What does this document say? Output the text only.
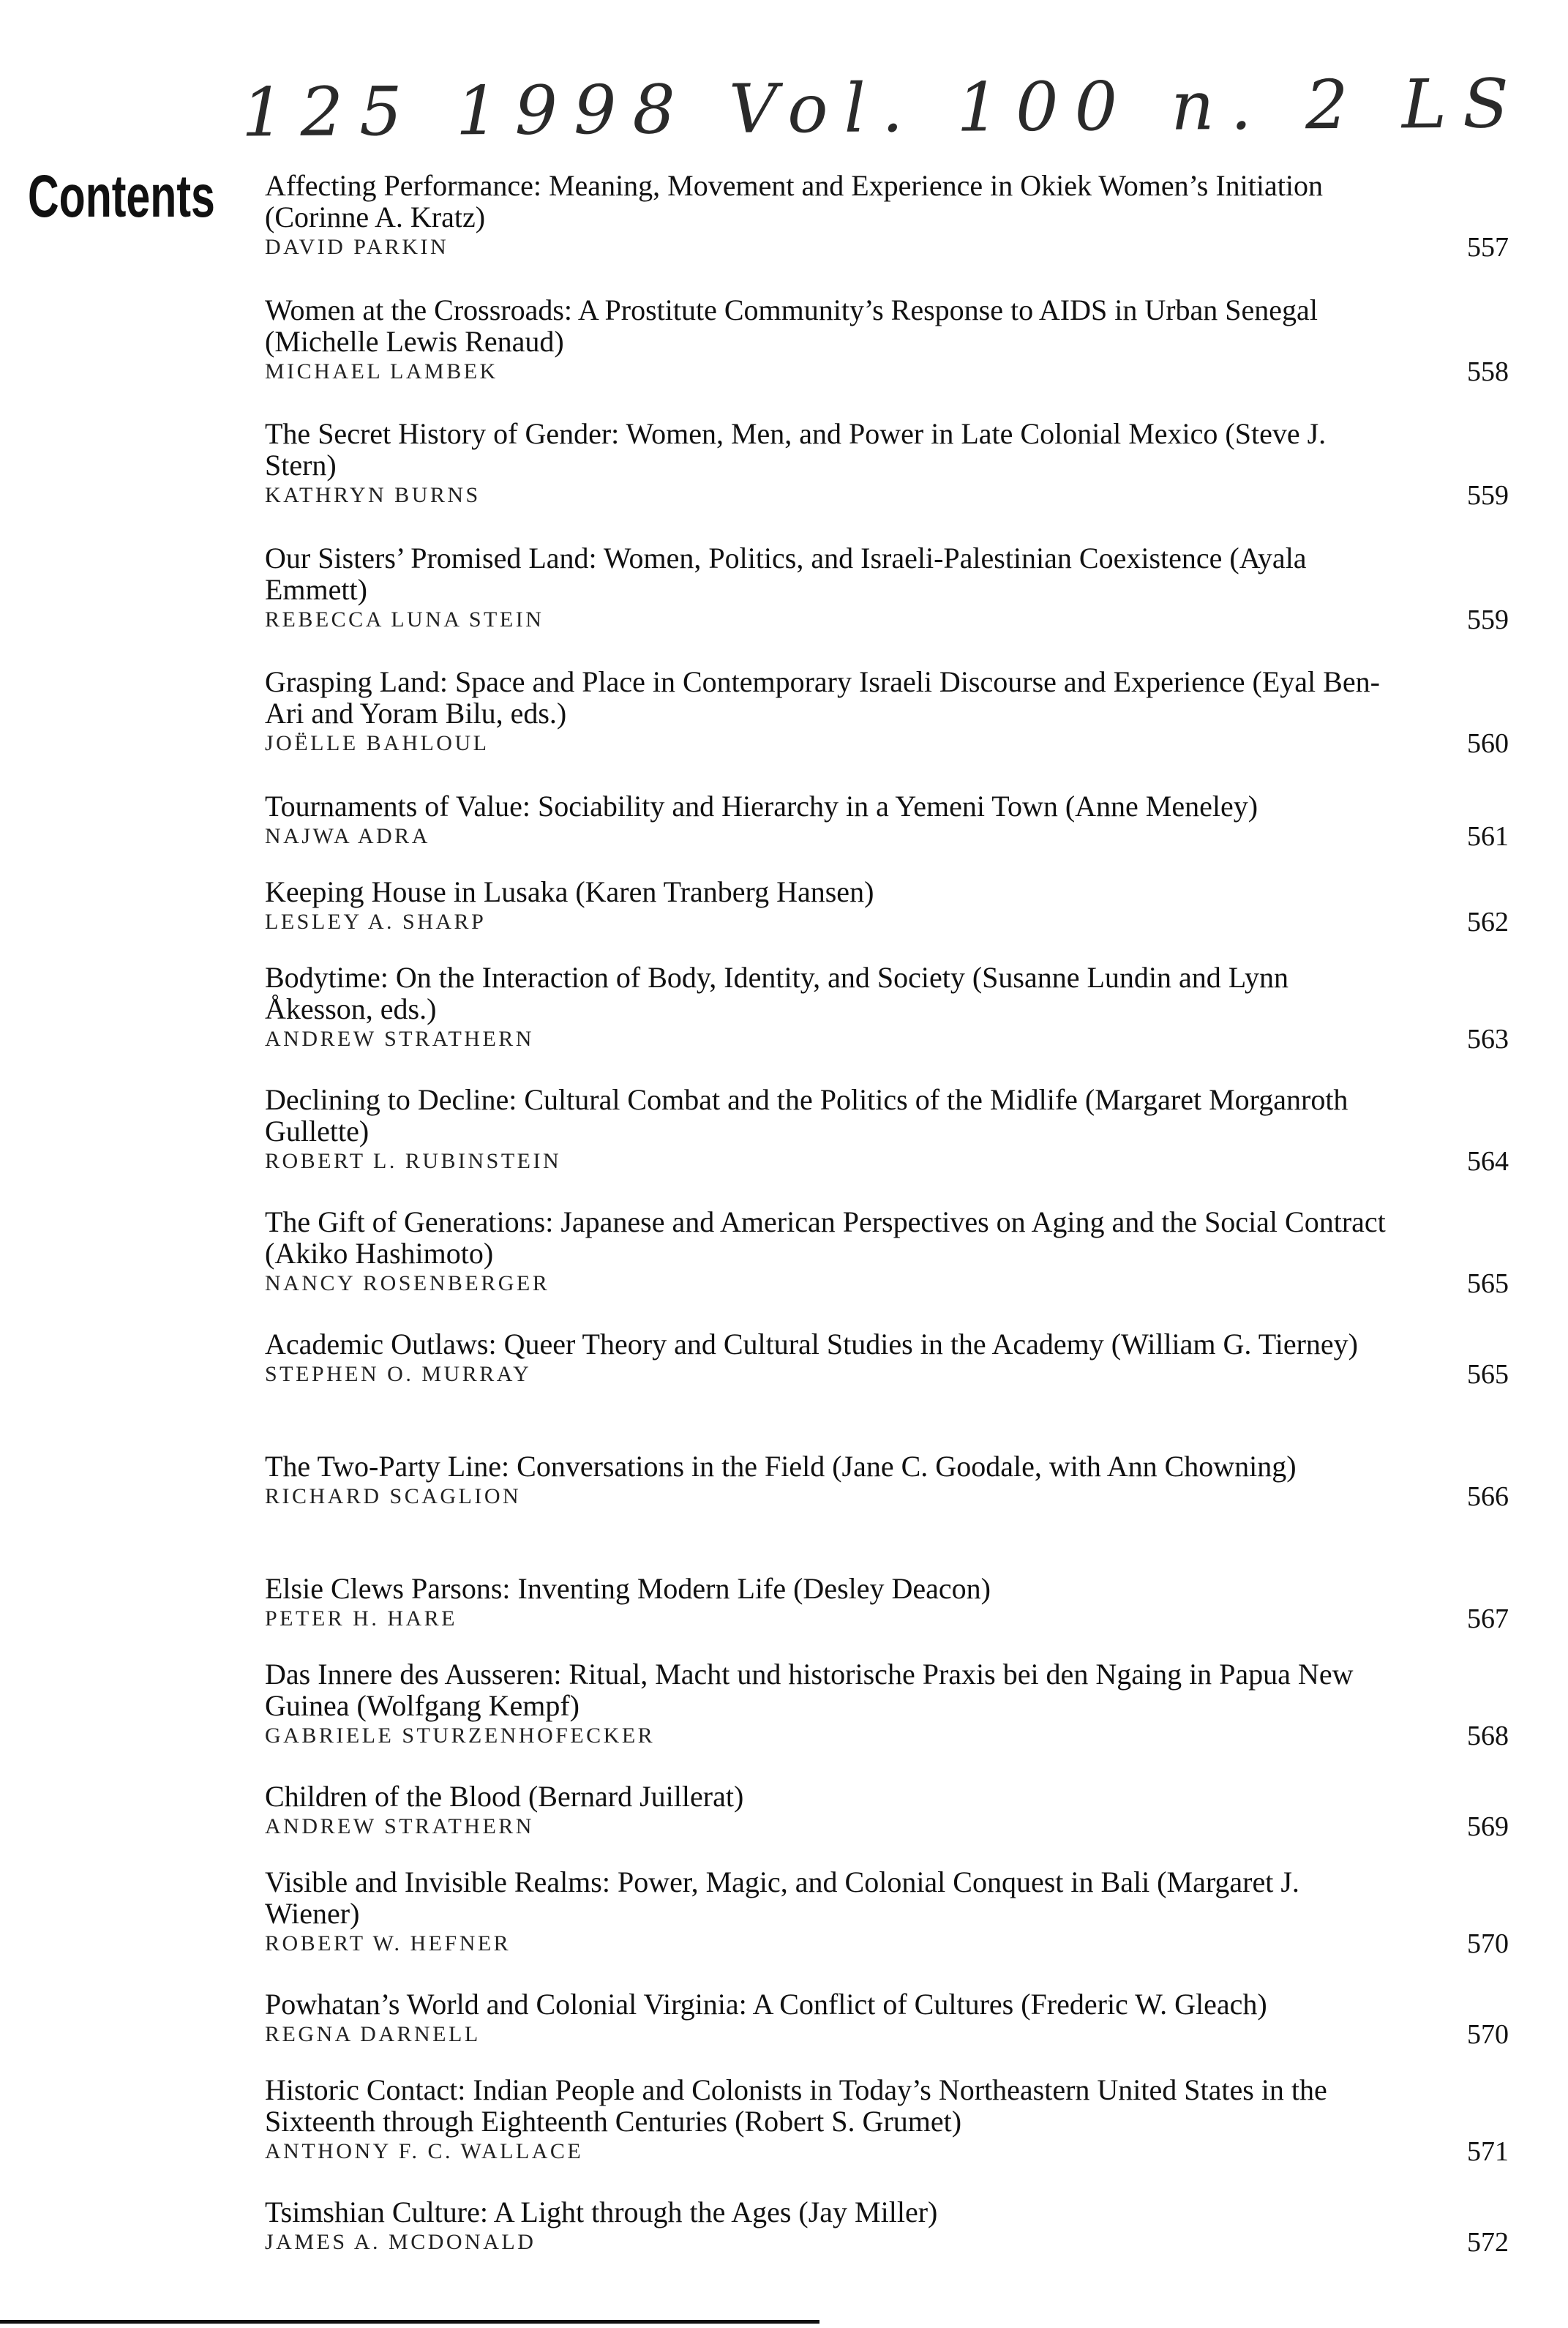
125 1998 Vol. 100 n. 2 LS
Contents Affecting Performance: Meaning, Movement and Experience in Okiek Women’s Initiation (Corinne A. Kratz)
DAVID PARKIN	557
Women at the Crossroads: A Prostitute Community’s Response to AIDS in Urban Senegal (Michelle Lewis Renaud)
MICHAEL LAMBEK	558
The Secret History of Gender: Women, Men, and Power in Late Colonial Mexico (Steve J. Stern)
KATHRYN BURNS	559
Our Sisters’ Promised Land: Women, Politics, and Israeli-Palestinian Coexistence (Ayala Emmett)
REBECCA LUNA STEIN	559
Grasping Land: Space and Place in Contemporary Israeli Discourse and Experience (Eyal Ben-Ari and Yoram Bilu, eds.)
JOËLLE BAHLOUL	560
Tournaments of Value: Sociability and Hierarchy in a Yemeni Town (Anne Meneley)
NAJWA ADRA	561
Keeping House in Lusaka (Karen Tranberg Hansen)
LESLEY A. SHARP	562
Bodytime: On the Interaction of Body, Identity, and Society (Susanne Lundin and Lynn Åkesson, eds.)
ANDREW STRATHERN	563
Declining to Decline: Cultural Combat and the Politics of the Midlife (Margaret Morganroth Gullette)
ROBERT L. RUBINSTEIN	564
The Gift of Generations: Japanese and American Perspectives on Aging and the Social Contract (Akiko Hashimoto)
NANCY ROSENBERGER	565
Academic Outlaws: Queer Theory and Cultural Studies in the Academy (William G. Tierney)
STEPHEN O. MURRAY	565
The Two-Party Line: Conversations in the Field (Jane C. Goodale, with Ann Chowning)
RICHARD SCAGLION	566
Elsie Clews Parsons: Inventing Modern Life (Desley Deacon)
PETER H. HARE	567
Das Innere des Ausseren: Ritual, Macht und historische Praxis bei den Ngaing in Papua New Guinea (Wolfgang Kempf)
GABRIELE STURZENHOFECKER	568
Children of the Blood (Bernard Juillerat)
ANDREW STRATHERN	569
Visible and Invisible Realms: Power, Magic, and Colonial Conquest in Bali (Margaret J. Wiener)
ROBERT W. HEFNER	570
Powhatan’s World and Colonial Virginia: A Conflict of Cultures (Frederic W. Gleach)
REGNA DARNELL	570
Historic Contact: Indian People and Colonists in Today’s Northeastern United States in the Sixteenth through Eighteenth Centuries (Robert S. Grumet)
ANTHONY F. C. WALLACE	571
Tsimshian Culture: A Light through the Ages (Jay Miller)
JAMES A. MCDONALD	572
